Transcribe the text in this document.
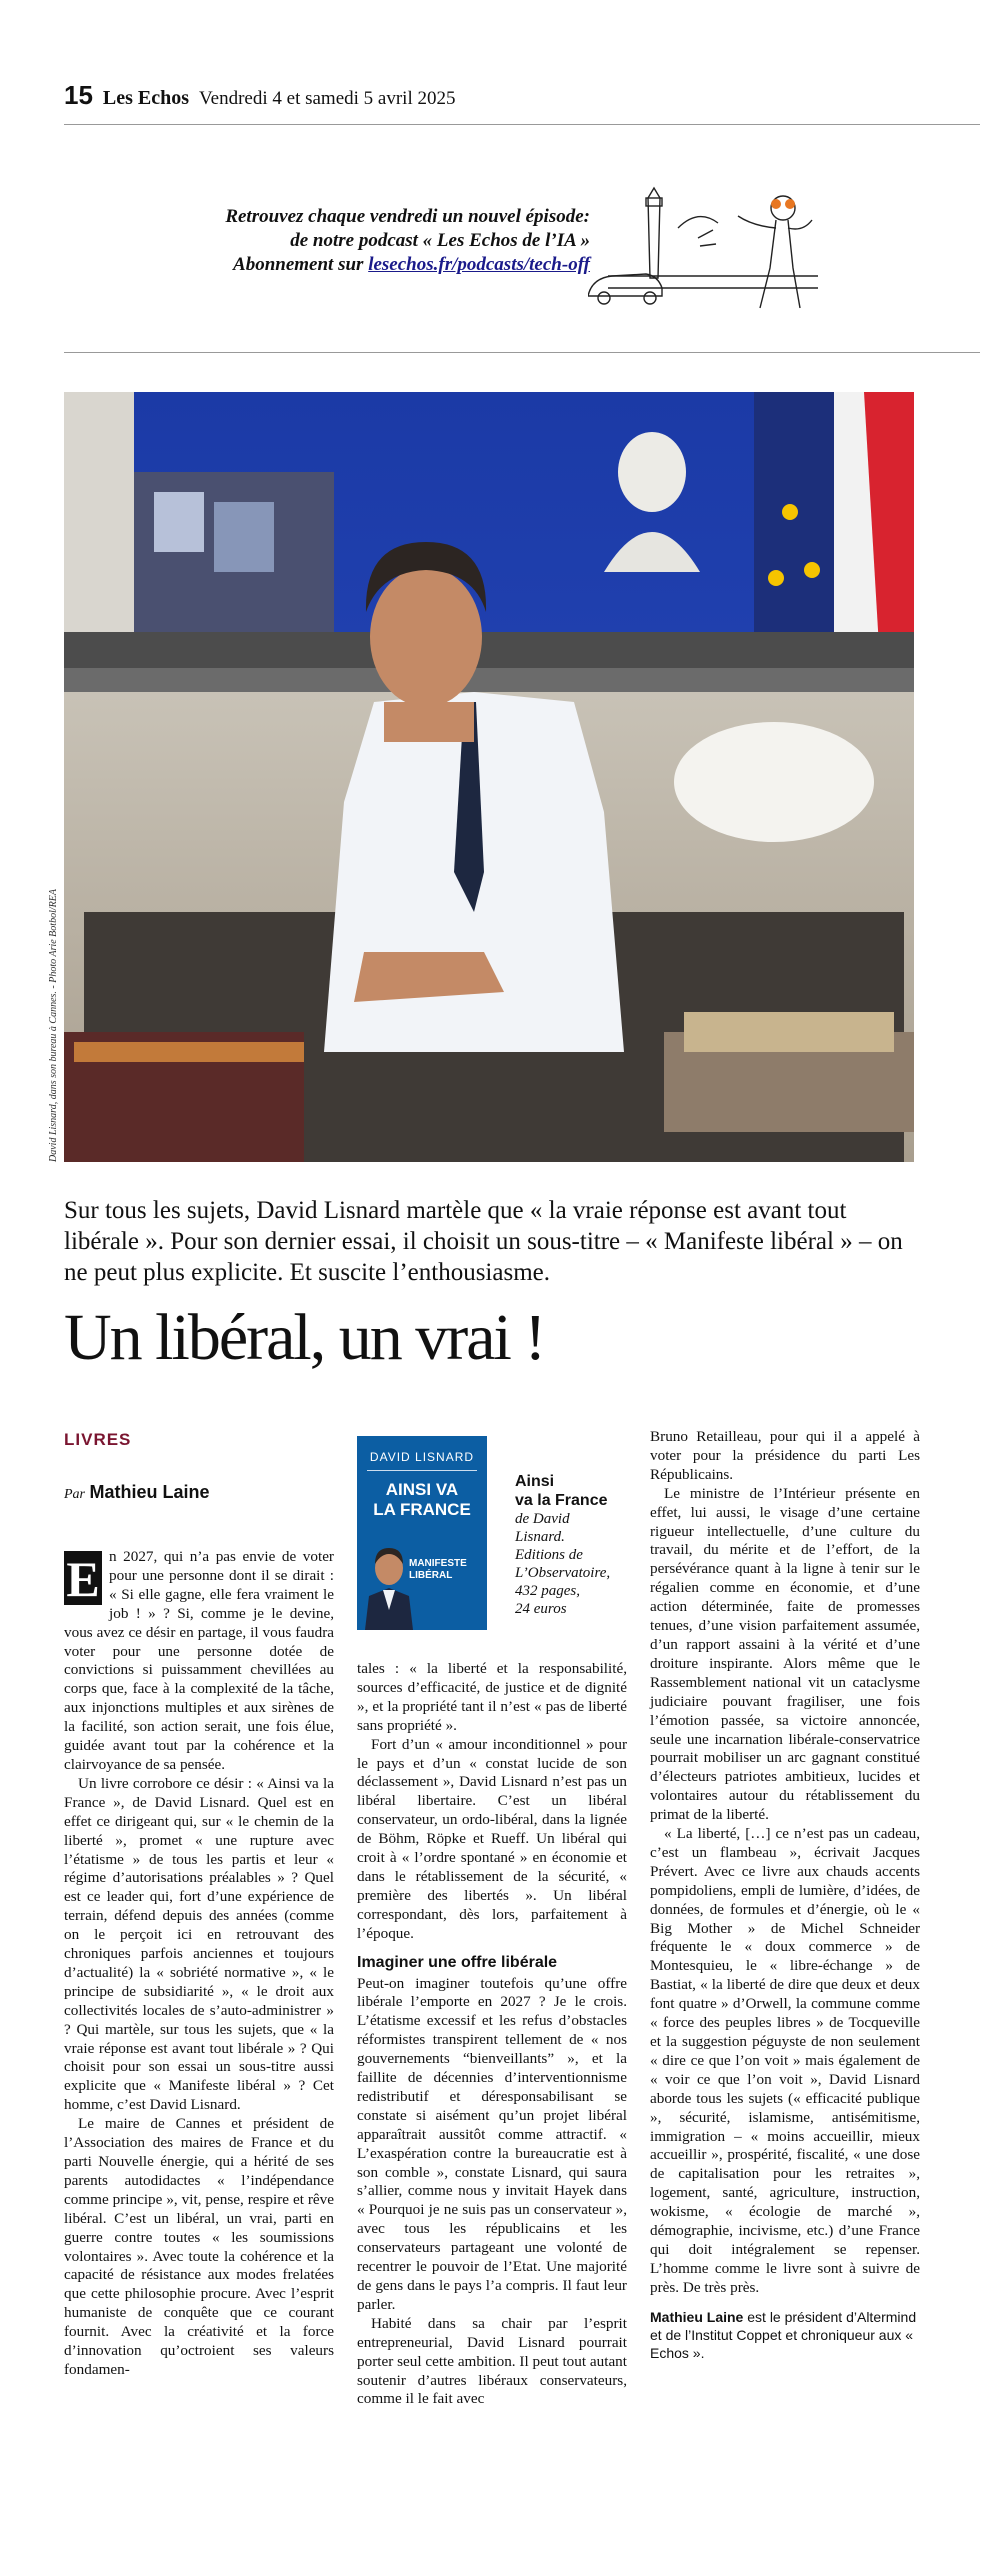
15 Les Echos Vendredi 4 et samedi 5 avril 2025
Retrouvez chaque vendredi un nouvel épisode:
de notre podcast « Les Echos de l’IA »
Abonnement sur lesechos.fr/podcasts/tech-off
David Lisnard, dans son bureau à Cannes. - Photo Arie Botbol/REA
Sur tous les sujets, David Lisnard martèle que « la vraie réponse est avant tout libérale ». Pour son dernier essai, il choisit un sous-titre – « Manifeste libéral » – on ne peut plus explicite. Et suscite l’enthousiasme.
Un libéral, un vrai !
LIVRES
Par Mathieu Laine

E n 2027, qui n’a pas envie de voter pour une personne dont il se dirait : « Si elle gagne, elle fera vraiment le job ! » ? Si, comme je le devine, vous avez ce désir en partage, il vous faudra voter pour une personne dotée de convictions si puissamment chevillées au corps que, face à la complexité de la tâche, aux injonctions multiples et aux sirènes de la facilité, son action serait, une fois élue, guidée avant tout par la cohérence et la clairvoyance de sa pensée.

Un livre corrobore ce désir : « Ainsi va la France », de David Lisnard. Quel est en effet ce dirigeant qui, sur « le chemin de la liberté », promet « une rupture avec l’étatisme » de tous les partis et leur « régime d’autorisations préalables » ? Quel est ce leader qui, fort d’une expérience de terrain, défend depuis des années (comme on le perçoit ici en retrouvant des chroniques parfois anciennes et toujours d’actualité) la « sobriété normative », « le principe de subsidiarité », « le droit aux collectivités locales de s’auto-administrer » ? Qui martèle, sur tous les sujets, que « la vraie réponse est avant tout libérale » ? Qui choisit pour son essai un sous-titre aussi explicite que « Manifeste libéral » ? Cet homme, c’est David Lisnard.

Le maire de Cannes et président de l’Association des maires de France et du parti Nouvelle énergie, qui a hérité de ses parents autodidactes « l’indépendance comme principe », vit, pense, respire et rêve libéral. C’est un libéral, un vrai, parti en guerre contre toutes « les soumissions volontaires ». Avec toute la cohérence et la capacité de résistance aux modes frelatées que cette philosophie procure. Avec l’esprit humaniste de conquête que ce courant fournit. Avec la créativité et la force d’innovation qu’octroient ses valeurs fondamen-

DAVID LISNARD
AINSI VA
LA FRANCE
MANIFESTE
LIBÉRAL
Ainsi
va la France
de David
Lisnard.
Editions de
L’Observatoire,
432 pages,
24 euros

tales : « la liberté et la responsabilité, sources d’efficacité, de justice et de dignité », et la propriété tant il n’est « pas de liberté sans propriété ».

Fort d’un « amour inconditionnel » pour le pays et d’un « constat lucide de son déclassement », David Lisnard n’est pas un libéral libertaire. C’est un libéral conservateur, un ordo-libéral, dans la lignée de Böhm, Röpke et Rueff. Un libéral qui croit à « l’ordre spontané » en économie et dans le rétablissement de la sécurité, « première des libertés ». Un libéral correspondant, dès lors, parfaitement à l’époque.

Imaginer une offre libérale

Peut-on imaginer toutefois qu’une offre libérale l’emporte en 2027 ? Je le crois. L’étatisme excessif et les refus d’obstacles réformistes transpirent tellement de « nos gouvernements “bienveillants” », et la faillite de décennies d’interventionnisme redistributif et déresponsabilisant se constate si aisément qu’un projet libéral apparaîtrait aussitôt comme attractif. « L’exaspération contre la bureaucratie est à son comble », constate Lisnard, qui saura s’allier, comme nous y invitait Hayek dans « Pourquoi je ne suis pas un conservateur », avec tous les républicains et les conservateurs partageant une volonté de recentrer le pouvoir de l’Etat. Une majorité de gens dans le pays l’a compris. Il faut leur parler.

Habité dans sa chair par l’esprit entrepreneurial, David Lisnard pourrait porter seul cette ambition. Il peut tout autant soutenir d’autres libéraux conservateurs, comme il le fait avec

Bruno Retailleau, pour qui il a appelé à voter pour la présidence du parti Les Républicains.

Le ministre de l’Intérieur présente en effet, lui aussi, le visage d’une certaine rigueur intellectuelle, d’une culture du travail, du mérite et de l’effort, de la persévérance quant à la ligne à tenir sur le régalien comme en économie, et d’une action déterminée, faite de promesses tenues, d’une vision parfaitement assumée, d’un rapport assaini à la vérité et d’une droiture inspirante. Alors même que le Rassemblement national vit un cataclysme judiciaire pouvant fragiliser, une fois l’émotion passée, sa victoire annoncée, seule une incarnation libérale-conservatrice pourrait mobiliser un arc gagnant constitué d’électeurs patriotes ambitieux, lucides et volontaires autour du rétablissement du primat de la liberté.

« La liberté, […] ce n’est pas un cadeau, c’est un flambeau », écrivait Jacques Prévert. Avec ce livre aux chauds accents pompidoliens, empli de lumière, d’idées, de données, de formules et d’énergie, où le « Big Mother » de Michel Schneider fréquente le « doux commerce » de Montesquieu, le « libre-échange » de Bastiat, « la liberté de dire que deux et deux font quatre » d’Orwell, la commune comme « force des peuples libres » de Tocqueville et la suggestion péguyste de non seulement « dire ce que l’on voit » mais également de « voir ce que l’on voit », David Lisnard aborde tous les sujets (« efficacité publique », sécurité, islamisme, antisémitisme, immigration – « moins accueillir, mieux accueillir », prospérité, fiscalité, « une dose de capitalisation pour les retraites », logement, santé, agriculture, instruction, wokisme, « écologie de marché », démographie, incivisme, etc.) d’une France qui doit intégralement se repenser. L’homme comme le livre sont à suivre de près. De très près.

Mathieu Laine est le président d’Altermind et de l’Institut Coppet et chroniqueur aux « Echos ».
